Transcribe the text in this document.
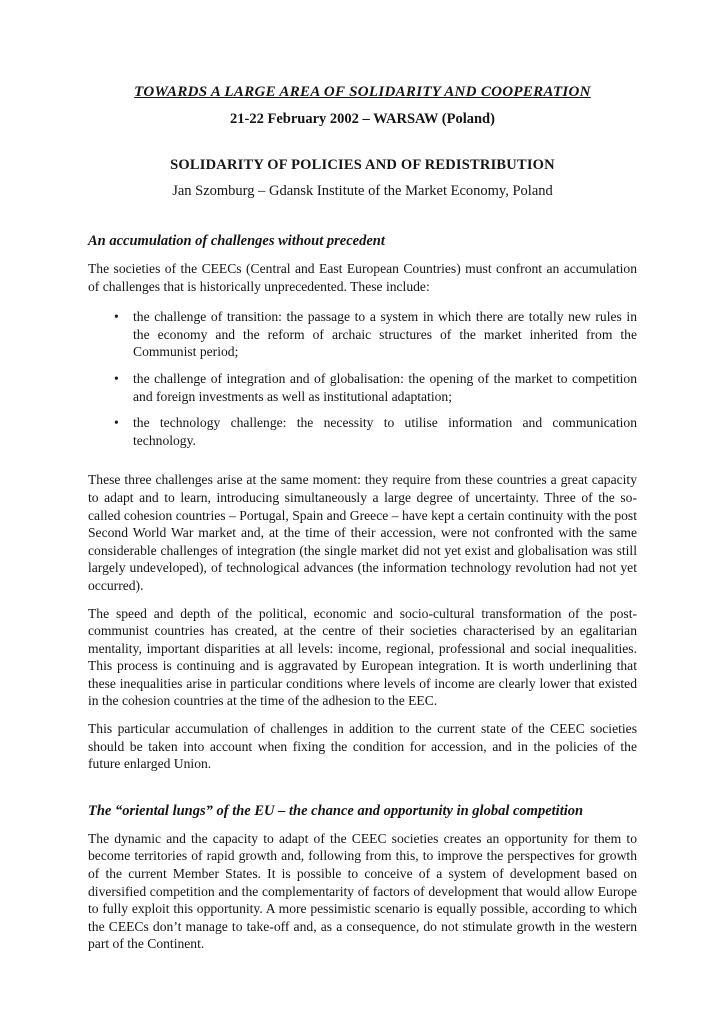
TOWARDS A LARGE AREA OF SOLIDARITY AND COOPERATION
21-22 February 2002 – WARSAW (Poland)
SOLIDARITY OF POLICIES AND OF REDISTRIBUTION
Jan Szomburg – Gdansk Institute of the Market Economy, Poland
An accumulation of challenges without precedent

The societies of the CEECs (Central and East European Countries) must confront an accumulation of challenges that is historically unprecedented. These include:

•	the challenge of transition: the passage to a system in which there are totally new rules in the economy and the reform of archaic structures of the market inherited from the Communist period;
•	the challenge of integration and of globalisation: the opening of the market to competition and foreign investments as well as institutional adaptation;
•	the technology challenge: the necessity to utilise information and communication technology.

These three challenges arise at the same moment: they require from these countries a great capacity to adapt and to learn, introducing simultaneously a large degree of uncertainty. Three of the so-called cohesion countries – Portugal, Spain and Greece – have kept a certain continuity with the post Second World War market and, at the time of their accession, were not confronted with the same considerable challenges of integration (the single market did not yet exist and globalisation was still largely undeveloped), of technological advances (the information technology revolution had not yet occurred).

The speed and depth of the political, economic and socio-cultural transformation of the post-communist countries has created, at the centre of their societies characterised by an egalitarian mentality, important disparities at all levels: income, regional, professional and social inequalities. This process is continuing and is aggravated by European integration. It is worth underlining that these inequalities arise in particular conditions where levels of income are clearly lower that existed in the cohesion countries at the time of the adhesion to the EEC.

This particular accumulation of challenges in addition to the current state of the CEEC societies should be taken into account when fixing the condition for accession, and in the policies of the future enlarged Union.

The “oriental lungs” of the EU – the chance and opportunity in global competition

The dynamic and the capacity to adapt of the CEEC societies creates an opportunity for them to become territories of rapid growth and, following from this, to improve the perspectives for growth of the current Member States. It is possible to conceive of a system of development based on diversified competition and the complementarity of factors of development that would allow Europe to fully exploit this opportunity. A more pessimistic scenario is equally possible, according to which the CEECs don’t manage to take-off and, as a consequence, do not stimulate growth in the western part of the Continent.
